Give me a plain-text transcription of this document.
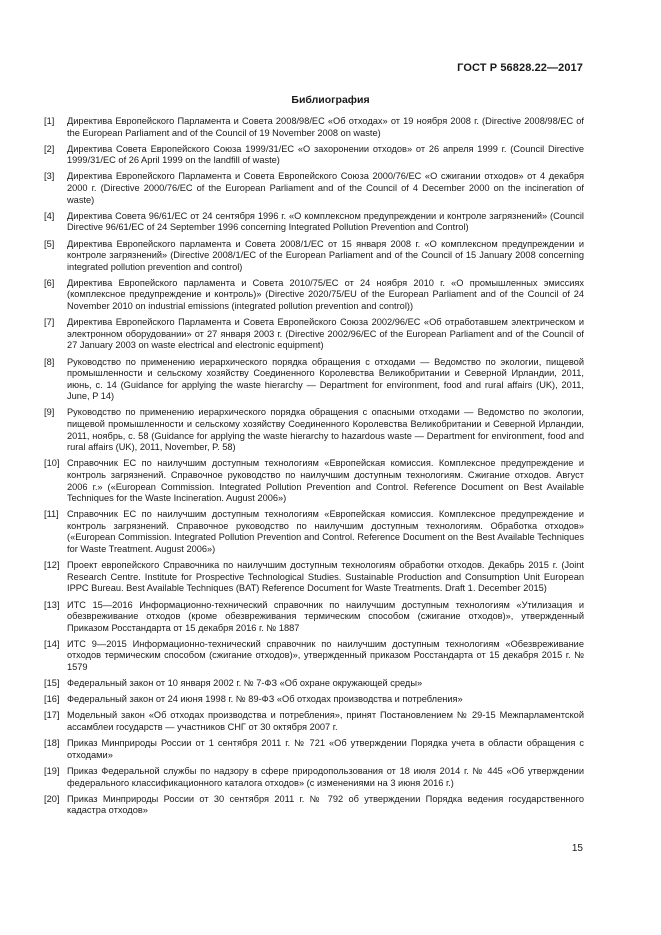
ГОСТ Р 56828.22—2017
Библиография
[1]	Директива Европейского Парламента и Совета 2008/98/ЕС «Об отходах» от 19 ноября 2008 г. (Directive 2008/98/EC of the European Parliament and of the Council of 19 November 2008 on waste)
[2]	Директива Совета Европейского Союза 1999/31/ЕС «О захоронении отходов» от 26 апреля 1999 г. (Council Directive 1999/31/EC of 26 April 1999 on the landfill of waste)
[3]	Директива Европейского Парламента и Совета Европейского Союза 2000/76/ЕС «О сжигании отходов» от 4 декабря 2000 г. (Directive 2000/76/EC of the European Parliament and of the Council of 4 December 2000 on the incineration of waste)
[4]	Директива Совета 96/61/ЕС от 24 сентября 1996 г. «О комплексном предупреждении и контроле загрязнений» (Council Directive 96/61/EC of 24 September 1996 concerning Integrated Pollution Prevention and Control)
[5]	Директива Европейского парламента и Совета 2008/1/ЕС от 15 января 2008 г. «О комплексном предупреждении и контроле загрязнений» (Directive 2008/1/EC of the European Parliament and of the Council of 15 January 2008 concerning integrated pollution prevention and control)
[6]	Директива Европейского парламента и Совета 2010/75/ЕС от 24 ноября 2010 г. «О промышленных эмиссиях (комплексное предупреждение и контроль)» (Directive 2020/75/EU of the European Parliament and of the Council of 24 November 2010 on industrial emissions (integrated pollution prevention and control))
[7]	Директива Европейского Парламента и Совета Европейского Союза 2002/96/ЕС «Об отработавшем электрическом и электронном оборудовании» от 27 января 2003 г. (Directive 2002/96/EC of the European Parliament and of the Council of 27 January 2003 on waste electrical and electronic equipment)
[8]	Руководство по применению иерархического порядка обращения с отходами — Ведомство по экологии, пищевой промышленности и сельскому хозяйству Соединенного Королевства Великобритании и Северной Ирландии, 2011, июнь, с. 14 (Guidance for applying the waste hierarchy — Department for environment, food and rural affairs (UK), 2011, June, P 14)
[9]	Руководство по применению иерархического порядка обращения с опасными отходами — Ведомство по экологии, пищевой промышленности и сельскому хозяйству Соединенного Королевства Великобритании и Северной Ирландии, 2011, ноябрь, с. 58 (Guidance for applying the waste hierarchy to hazardous waste — Department for environment, food and rural affairs (UK), 2011, November, P. 58)
[10] Справочник ЕС по наилучшим доступным технологиям «Европейская комиссия. Комплексное предупреждение и контроль загрязнений. Справочное руководство по наилучшим доступным технологиям. Сжигание отходов. Август 2006 г.» («European Commission. Integrated Pollution Prevention and Control. Reference Document on Best Available Techniques for the Waste Incineration. August 2006»)
[11] Справочник ЕС по наилучшим доступным технологиям «Европейская комиссия. Комплексное предупреждение и контроль загрязнений. Справочное руководство по наилучшим доступным технологиям. Обработка отходов» («European Commission. Integrated Pollution Prevention and Control. Reference Document on the Best Available Techniques for Waste Treatment. August 2006»)
[12] Проект европейского Справочника по наилучшим доступным технологиям обработки отходов. Декабрь 2015 г. (Joint Research Centre. Institute for Prospective Technological Studies. Sustainable Production and Consumption Unit European IPPC Bureau. Best Available Techniques (BAT) Reference Document for Waste Treatments. Draft 1. December 2015)
[13] ИТС 15—2016 Информационно-технический справочник по наилучшим доступным технологиям «Утилизация и обезвреживание отходов (кроме обезвреживания термическим способом (сжигание отходов)», утвержденный Приказом Росстандарта от 15 декабря 2016 г. № 1887
[14] ИТС 9—2015 Информационно-технический справочник по наилучшим доступным технологиям «Обезвреживание отходов термическим способом (сжигание отходов)», утвержденный приказом Росстандарта от 15 декабря 2015 г. № 1579
[15] Федеральный закон от 10 января 2002 г. № 7-ФЗ «Об охране окружающей среды»
[16] Федеральный закон от 24 июня 1998 г. № 89-ФЗ «Об отходах производства и потребления»
[17] Модельный закон «Об отходах производства и потребления», принят Постановлением № 29-15 Межпарламентской ассамблеи государств — участников СНГ от 30 октября 2007 г.
[18] Приказ Минприроды России от 1 сентября 2011 г. № 721 «Об утверждении Порядка учета в области обращения с отходами»
[19] Приказ Федеральной службы по надзору в сфере природопользования от 18 июля 2014 г. № 445 «Об утверждении федерального классификационного каталога отходов» (с изменениями на 3 июня 2016 г.)
[20] Приказ Минприроды России от 30 сентября 2011 г. № 792 об утверждении Порядка ведения государственного кадастра отходов»
15
